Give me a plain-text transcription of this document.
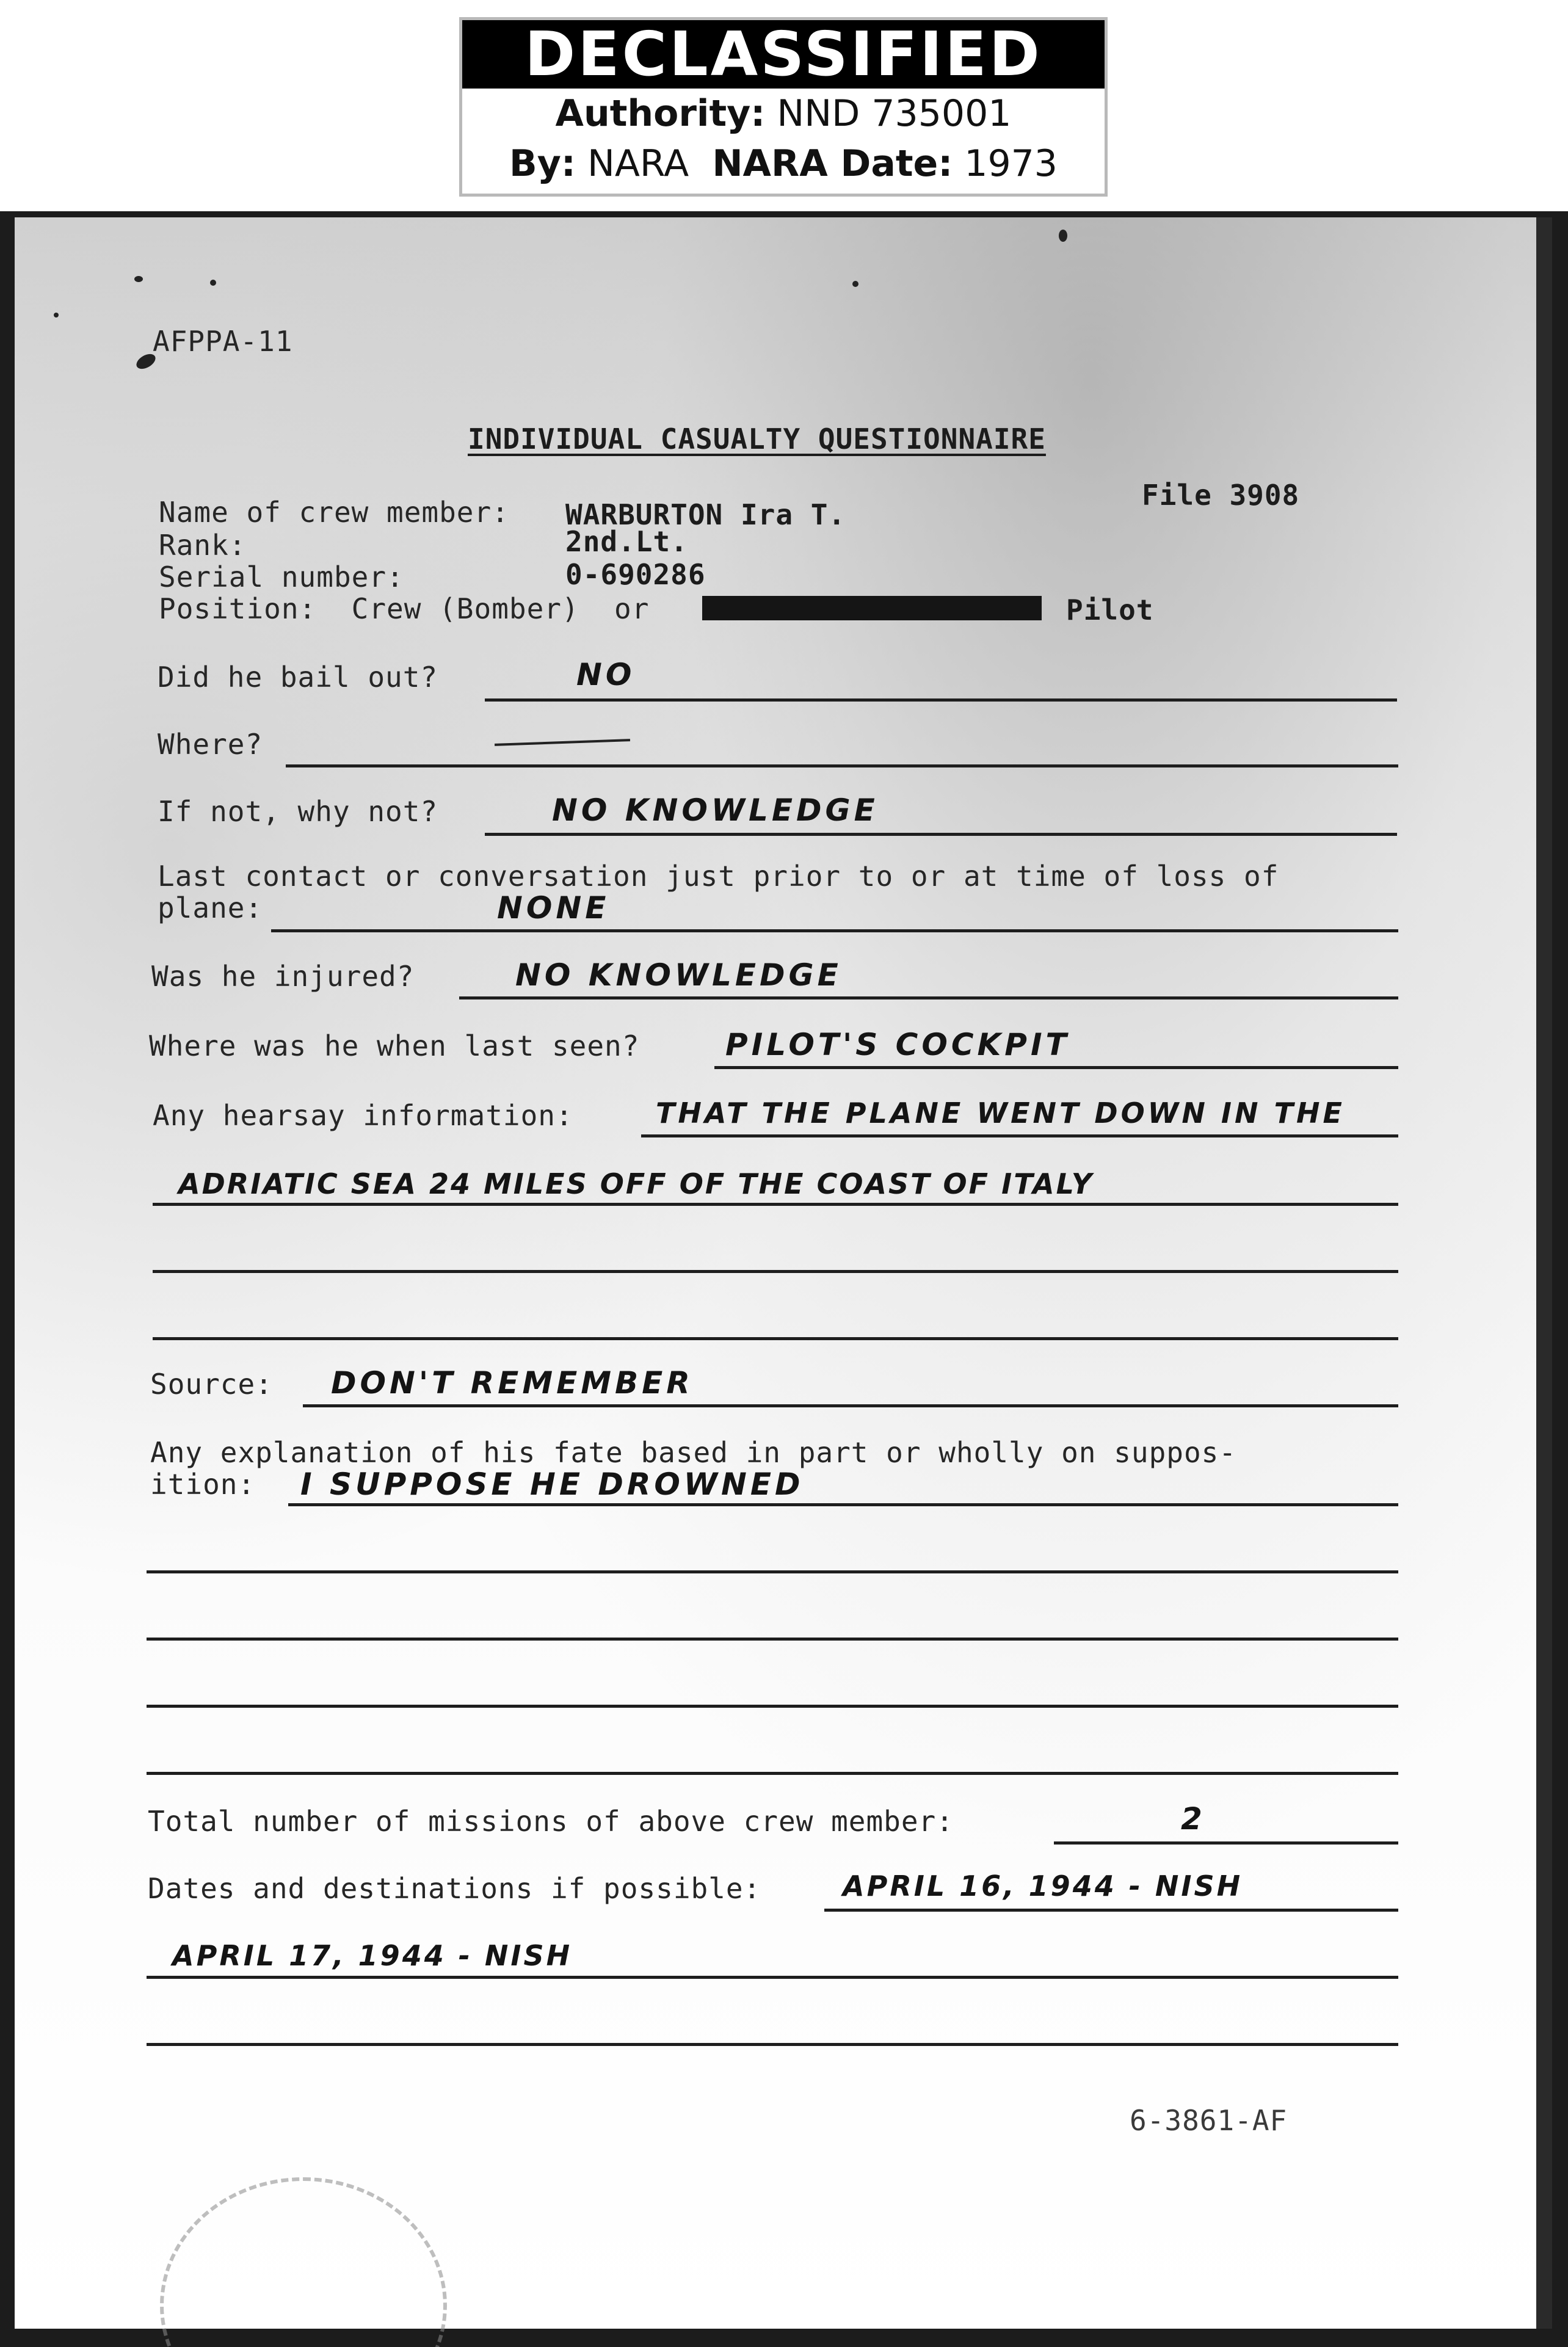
DECLASSIFIED
Authority: NND 735001
By: NARA NARA Date: 1973
AFPPA-11
INDIVIDUAL CASUALTY QUESTIONNAIRE
File 3908
Name of crew member: WARBURTON Ira T.
Rank:	2nd.Lt.
Serial number:	0-690286
Position:  Crew (Bomber)  or	Pilot
Did he bail out?	NO
Where?
If not, why not?	NO KNOWLEDGE
Last contact or conversation just prior to or at time of loss of
plane:	NONE
Was he injured?	NO KNOWLEDGE
Where was he when last seen?	PILOT'S COCKPIT
Any hearsay information:	THAT THE PLANE WENT DOWN IN THE
ADRIATIC SEA 24 MILES OFF OF THE COAST OF ITALY
Source: DON'T REMEMBER
Any explanation of his fate based in part or wholly on suppos-
ition: I SUPPOSE HE DROWNED
Total number of missions of above crew member:	2
Dates and destinations if possible:	APRIL 16, 1944 - NISH
APRIL 17, 1944 - NISH
6-3861-AF
